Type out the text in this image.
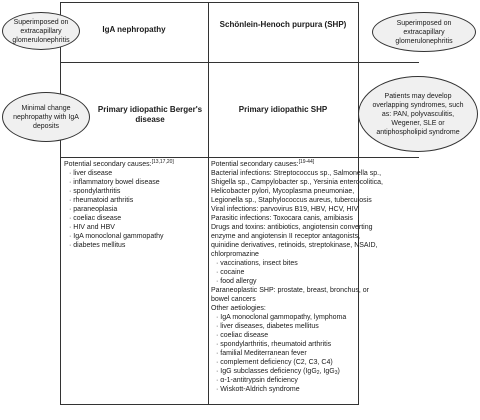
IgA nephropathy
Schönlein-Henoch purpura (SHP)
Primary idiopathic Berger's disease
Primary idiopathic SHP
Superimposed on extracapillary glomerulonephritis
Superimposed on extracapillary glomerulonephritis
Minimal change nephropathy with IgA deposits
Patients may develop overlapping syndromes, such as: PAN, polyvasculitis, Wegener, SLE or antiphospholipid syndrome
Potential secondary causes:[13,17,20]
· liver disease
· inflammatory bowel disease
· spondylarthritis
· rheumatoid arthritis
· paraneoplasia
· coeliac disease
· HIV and HBV
· IgA monoclonal gammopathy
· diabetes mellitus
Potential secondary causes:[19-44]
Bacterial infections: Streptococcus sp., Salmonella sp.,
Shigella sp., Campylobacter sp., Yersinia enterocolitica,
Helicobacter pylori, Mycoplasma pneumoniae,
Legionella sp., Staphylococcus aureus, tuberculosis
Viral infections: parvovirus B19, HBV, HCV, HIV
Parasitic infections: Toxocara canis, amibiasis
Drugs and toxins: antibiotics, angiotensin converting
enzyme and angiotensin II receptor antagonists,
quinidine derivatives, retinoids, streptokinase, NSAID,
chlorpromazine
· vaccinations, insect bites
· cocaine
· food allergy
Paraneoplastic SHP: prostate, breast, bronchus, or
bowel cancers
Other aetiologies:
· IgA monoclonal gammopathy, lymphoma
· liver diseases, diabetes mellitus
· coeliac disease
· spondylarthritis, rheumatoid arthritis
· familial Mediterranean fever
· complement deficiency (C2, C3, C4)
· IgG subclasses deficiency (IgG$_2$, IgG$_3$)
· α-1-antitrypsin deficiency
· Wiskott-Aldrich syndrome
